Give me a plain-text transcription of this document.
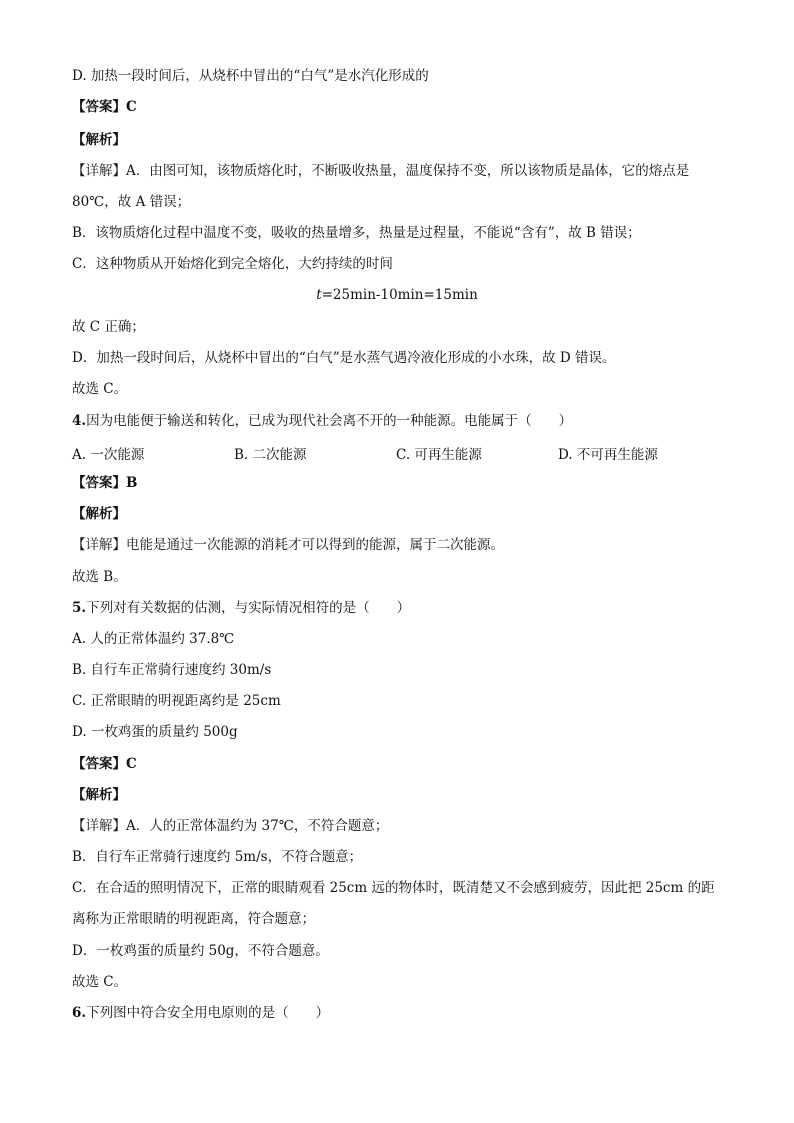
D. 加热一段时间后，从烧杯中冒出的“白气”是水汽化形成的
【答案】C
【解析】
【详解】A．由图可知，该物质熔化时，不断吸收热量，温度保持不变，所以该物质是晶体，它的熔点是
80℃，故 A 错误；
B．该物质熔化过程中温度不变，吸收的热量增多，热量是过程量，不能说“含有”，故 B 错误；
C．这种物质从开始熔化到完全熔化，大约持续的时间
t=25min-10min=15min
故 C 正确；
D．加热一段时间后，从烧杯中冒出的“白气”是水蒸气遇冷液化形成的小水珠，故 D 错误。
故选 C。
4.因为电能便于输送和转化，已成为现代社会离不开的一种能源。电能属于（　　）
A. 一次能源	B. 二次能源	C. 可再生能源	D. 不可再生能源
【答案】B
【解析】
【详解】电能是通过一次能源的消耗才可以得到的能源，属于二次能源。
故选 B。
5.下列对有关数据的估测，与实际情况相符的是（　　）
A. 人的正常体温约 37.8℃
B. 自行车正常骑行速度约 30m/s
C. 正常眼睛的明视距离约是 25cm
D. 一枚鸡蛋的质量约 500g
【答案】C
【解析】
【详解】A．人的正常体温约为 37℃，不符合题意；
B．自行车正常骑行速度约 5m/s，不符合题意；
C．在合适的照明情况下，正常的眼睛观看 25cm 远的物体时，既清楚又不会感到疲劳，因此把 25cm 的距离称为正常眼睛的明视距离，符合题意；
D．一枚鸡蛋的质量约 50g，不符合题意。
故选 C。
6.下列图中符合安全用电原则的是（　　）
